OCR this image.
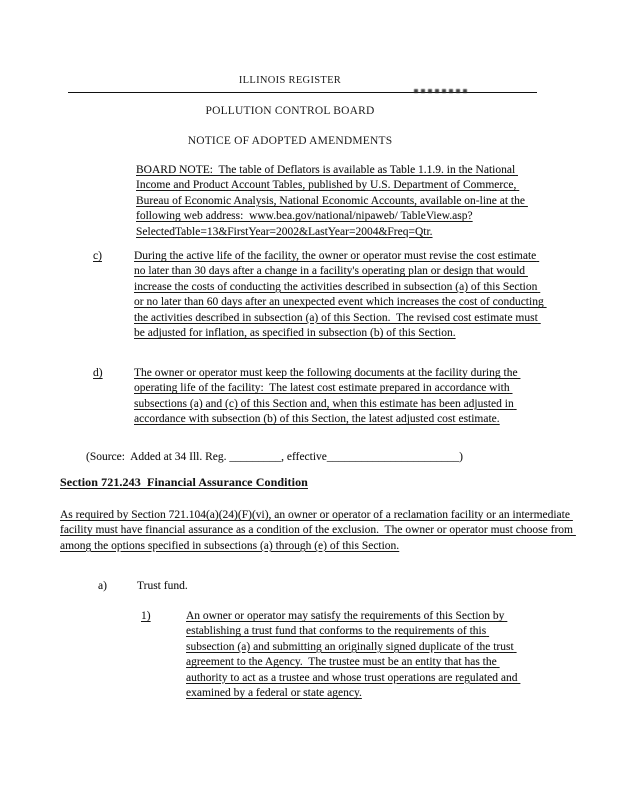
ILLINOIS REGISTER
POLLUTION CONTROL BOARD
NOTICE OF ADOPTED AMENDMENTS
BOARD NOTE:  The table of Deflators is available as Table 1.1.9. in the National Income and Product Account Tables, published by U.S. Department of Commerce, Bureau of Economic Analysis, National Economic Accounts, available on-line at the following web address:  www.bea.gov/national/nipaweb/ TableView.asp?SelectedTable=13&FirstYear=2002&LastYear=2004&Freq=Qtr.
c)	During the active life of the facility, the owner or operator must revise the cost estimate no later than 30 days after a change in a facility's operating plan or design that would increase the costs of conducting the activities described in subsection (a) of this Section or no later than 60 days after an unexpected event which increases the cost of conducting the activities described in subsection (a) of this Section.  The revised cost estimate must be adjusted for inflation, as specified in subsection (b) of this Section.
d)	The owner or operator must keep the following documents at the facility during the operating life of the facility:  The latest cost estimate prepared in accordance with subsections (a) and (c) of this Section and, when this estimate has been adjusted in accordance with subsection (b) of this Section, the latest adjusted cost estimate.
(Source:  Added at 34 Ill. Reg. _________, effective_______________________)
Section 721.243  Financial Assurance Condition
As required by Section 721.104(a)(24)(F)(vi), an owner or operator of a reclamation facility or an intermediate facility must have financial assurance as a condition of the exclusion.  The owner or operator must choose from among the options specified in subsections (a) through (e) of this Section.
a)	Trust fund.
1)	An owner or operator may satisfy the requirements of this Section by establishing a trust fund that conforms to the requirements of this subsection (a) and submitting an originally signed duplicate of the trust agreement to the Agency.  The trustee must be an entity that has the authority to act as a trustee and whose trust operations are regulated and examined by a federal or state agency.
